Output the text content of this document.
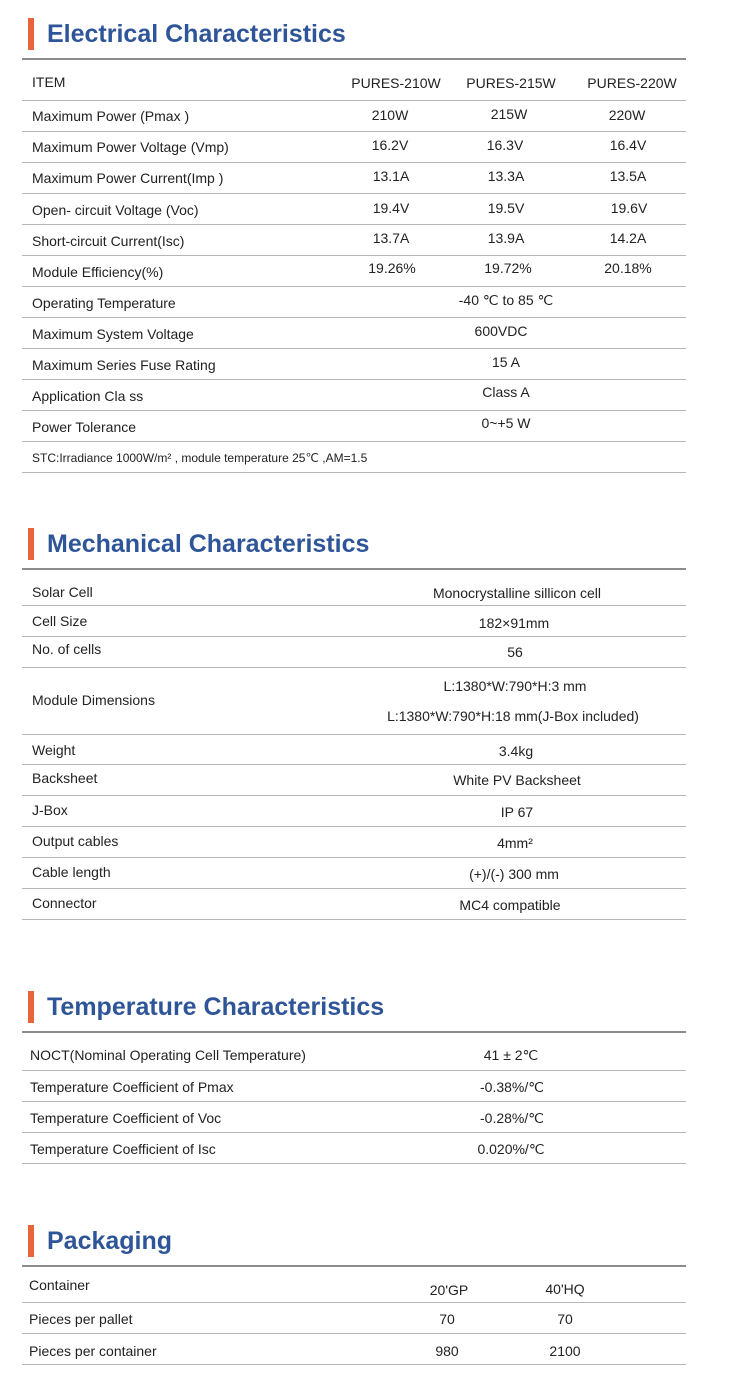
Electrical Characteristics
ITEM	PURES-210W PURES-215W PURES-220W
Maximum Power (Pmax )	210W	215W	220W
Maximum Power Voltage (Vmp)	16.2V	16.3V	16.4V
Maximum Power Current(Imp )	13.1A	13.3A	13.5A
Open- circuit Voltage (Voc)	19.4V	19.5V	19.6V
Short-circuit Current(Isc)	13.7A	13.9A	14.2A
Module Efficiency(%)	19.26%	19.72%	20.18%
Operating Temperature	-40 ℃ to 85 ℃
Maximum System Voltage	600VDC
Maximum Series Fuse Rating	15 A
Application Cla ss	Class A
Power Tolerance	0~+5 W
STC:Irradiance 1000W/m² , module temperature 25℃ ,AM=1.5
Mechanical Characteristics
Solar Cell	Monocrystalline sillicon cell
Cell Size	182×91mm
No. of cells	56
Module Dimensions
L:1380*W:790*H:3 mm
L:1380*W:790*H:18 mm(J-Box included)
Weight	3.4kg
Backsheet	White PV Backsheet
J-Box	IP 67
Output cables	4mm²
Cable length	(+)/(-) 300 mm
Connector	MC4 compatible
Temperature Characteristics
NOCT(Nominal Operating Cell Temperature)	41 ± 2℃
Temperature Coefficient of Pmax	-0.38%/℃
Temperature Coefficient of Voc	-0.28%/℃
Temperature Coefficient of Isc	0.020%/℃
Packaging
Container	20'GP	40'HQ
Pieces per pallet	70	70
Pieces per container	980	2100
